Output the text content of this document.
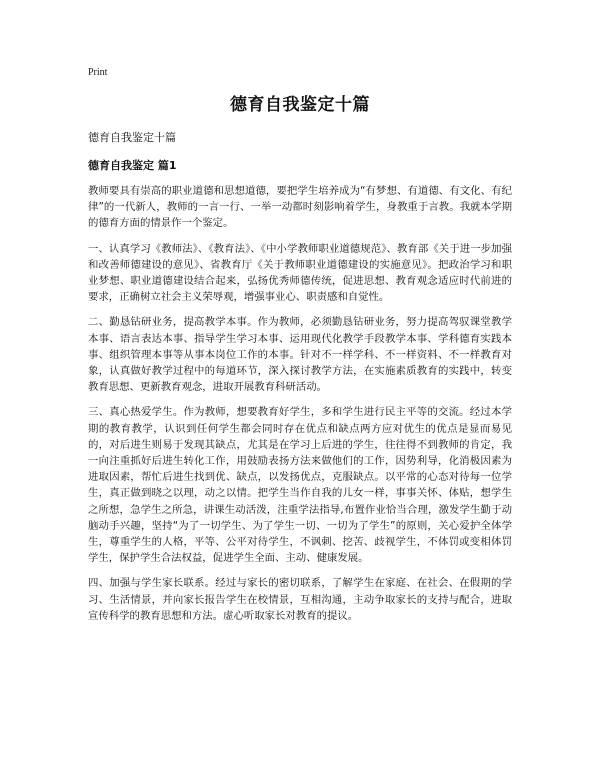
Print
德育自我鉴定十篇
德育自我鉴定十篇
德育自我鉴定 篇1

教师要具有崇高的职业道德和思想道德，要把学生培养成为“有梦想、有道德、有文化、有纪律”的一代新人，教师的一言一行、一举一动都时刻影响着学生，身教重于言教。我就本学期的德育方面的情景作一个鉴定。

一、认真学习《教师法》、《教育法》、《中小学教师职业道德规范》、教育部《关于进一步加强和改善师德建设的意见》、省教育厅《关于教师职业道德建设的实施意见》。把政治学习和职业梦想、职业道德建设结合起来，弘扬优秀师德传统，促进思想、教育观念适应时代前进的要求，正确树立社会主义荣辱观，增强事业心、职责感和自觉性。

二、勤恳钻研业务，提高教学本事。作为教师，必须勤恳钻研业务，努力提高驾驭课堂教学本事、语言表达本事、指导学生学习本事、运用现代化教学手段教学本事、学科德育实践本事、组织管理本事等从事本岗位工作的本事。针对不一样学科、不一样资料、不一样教育对象，认真做好教学过程中的每道环节，深入探讨教学方法，在实施素质教育的实践中，转变教育思想、更新教育观念，进取开展教育科研活动。

三、真心热爱学生。作为教师，想要教育好学生，多和学生进行民主平等的交流。经过本学期的教育教学，认识到任何学生都会同时存在优点和缺点两方应对优生的优点是显而易见的，对后进生则易于发现其缺点，尤其是在学习上后进的学生，往往得不到教师的肯定，我一向注重抓好后进生转化工作，用鼓励表扬方法来做他们的工作，因势利导，化消极因素为进取因素，帮忙后进生找到优、缺点，以发扬优点，克服缺点。以平常的心态对待每一位学生，真正做到晓之以理，动之以情。把学生当作自我的儿女一样，事事关怀、体贴，想学生之所想，急学生之所急，讲课生动活泼，注重学法指导,布置作业恰当合理，激发学生勤于动脑动手兴趣，坚持“为了一切学生、为了学生一切、一切为了学生”的原则，关心爱护全体学生，尊重学生的人格，平等、公平对待学生，不讽刺、挖苦、歧视学生，不体罚或变相体罚学生，保护学生合法权益，促进学生全面、主动、健康发展。

四、加强与学生家长联系。经过与家长的密切联系，了解学生在家庭、在社会、在假期的学习、生活情景，并向家长报告学生在校情景，互相沟通，主动争取家长的支持与配合，进取宣传科学的教育思想和方法。虚心听取家长对教育的提议。
